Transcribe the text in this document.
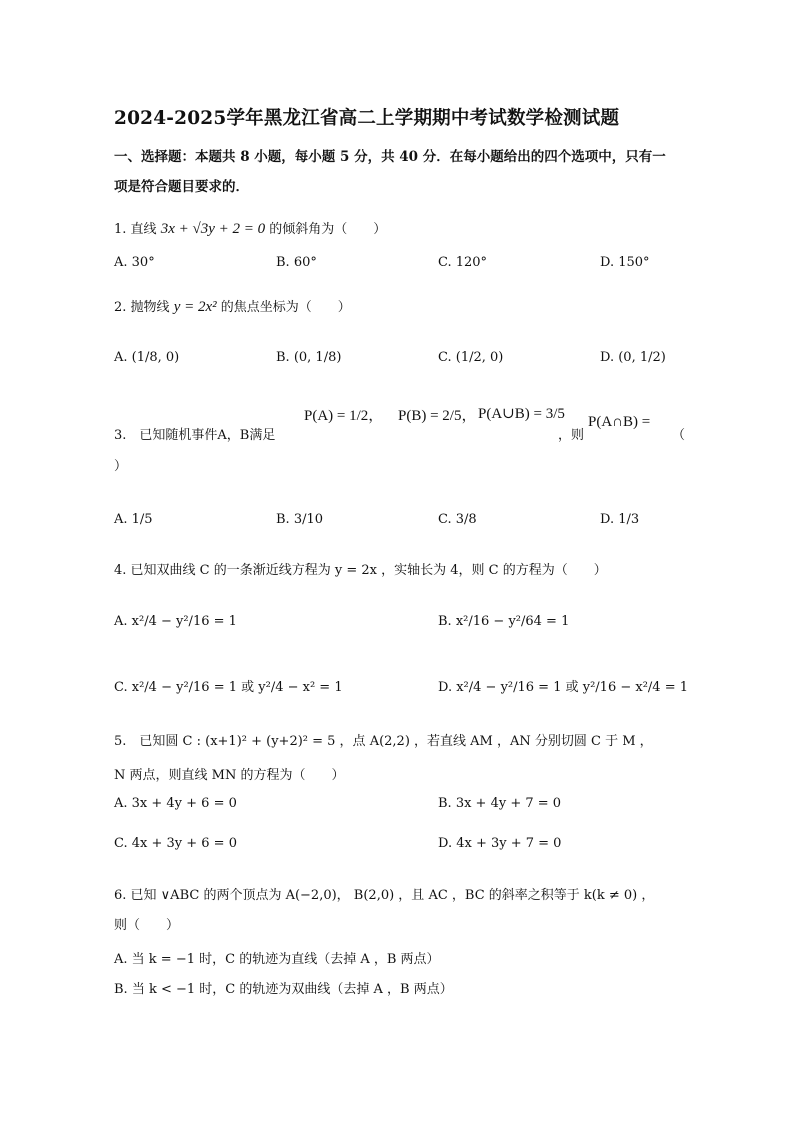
2024-2025学年黑龙江省高二上学期期中考试数学检测试题
一、选择题：本题共 8 小题，每小题 5 分，共 40 分．在每小题给出的四个选项中，只有一
项是符合题目要求的．
1. 直线 3x + √3y + 2 = 0 的倾斜角为（　　）
A. 30°	B. 60°	C. 120°	D. 150°
2. 抛物线 y = 2x² 的焦点坐标为（　　）
A. (1/8, 0)	B. (0, 1/8)	C. (1/2, 0)	D. (0, 1/2)
3.　已知随机事件A，B满足
P(A) = 1/2， P(B) = 2/5， P(A∪B) = 3/5
，则
P(A∩B) =
（
）
A. 1/5	B. 3/10	C. 3/8	D. 1/3
4. 已知双曲线 C 的一条渐近线方程为 y = 2x ，实轴长为 4，则 C 的方程为（　　）
A. x²/4 − y²/16 = 1	B. x²/16 − y²/64 = 1
C. x²/4 − y²/16 = 1 或 y²/4 − x² = 1	D. x²/4 − y²/16 = 1 或 y²/16 − x²/4 = 1
5.　已知圆 C : (x+1)² + (y+2)² = 5 ，点 A(2,2) ，若直线 AM ，AN 分别切圆 C 于 M ，
N 两点，则直线 MN 的方程为（　　）
A. 3x + 4y + 6 = 0	B. 3x + 4y + 7 = 0
C. 4x + 3y + 6 = 0	D. 4x + 3y + 7 = 0
6. 已知 ∨ABC 的两个顶点为 A(−2,0)， B(2,0) ，且 AC ，BC 的斜率之积等于 k(k ≠ 0) ，
则（　　）
A. 当 k = −1 时，C 的轨迹为直线（去掉 A ，B 两点）
B. 当 k < −1 时，C 的轨迹为双曲线（去掉 A ，B 两点）
